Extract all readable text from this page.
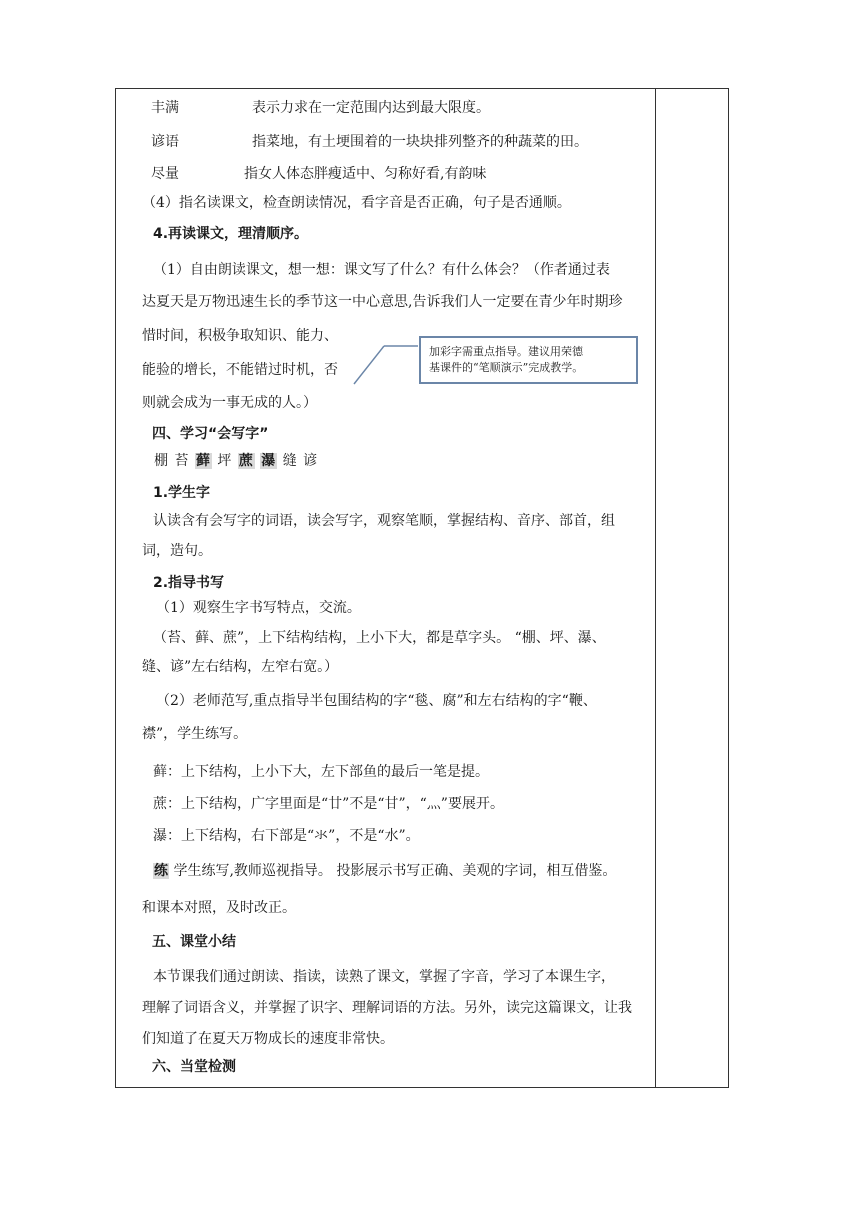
丰满	表示力求在一定范围内达到最大限度。
谚语	指菜地，有土埂围着的一块块排列整齐的种蔬菜的田。
尽量	指女人体态胖瘦适中、匀称好看,有韵味
（4）指名读课文，检查朗读情况，看字音是否正确，句子是否通顺。
4.再读课文，理清顺序。
（1）自由朗读课文，想一想：课文写了什么？有什么体会？（作者通过表
达夏天是万物迅速生长的季节这一中心意思,告诉我们人一定要在青少年时期珍
惜时间，积极争取知识、能力、
能验的增长，不能错过时机，否
则就会成为一事无成的人。）
加彩字需重点指导。建议用荣德
基课件的“笔顺演示”完成教学。
四、学习“会写字”
棚 苔 藓 坪 蔗 瀑 缝 谚
1.学生字
认读含有会写字的词语，读会写字，观察笔顺，掌握结构、音序、部首，组
词，造句。
2.指导书写
（1）观察生字书写特点，交流。
（苔、藓、蔗”，上下结构结构，上小下大，都是草字头。 “棚、坪、瀑、
缝、谚”左右结构，左窄右宽。）
（2）老师范写,重点指导半包围结构的字“毯、腐”和左右结构的字“鞭、
襟”，学生练写。
藓：上下结构，上小下大，左下部鱼的最后一笔是提。
蔗：上下结构，广字里面是“廿”不是“甘”，“灬”要展开。
瀑：上下结构，右下部是“氺”，不是“水”。
练 学生练写,教师巡视指导。 投影展示书写正确、美观的字词，相互借鉴。
和课本对照，及时改正。
五、课堂小结
本节课我们通过朗读、指读，读熟了课文，掌握了字音，学习了本课生字，
理解了词语含义，并掌握了识字、理解词语的方法。另外，读完这篇课文，让我
们知道了在夏天万物成长的速度非常快。
六、当堂检测
